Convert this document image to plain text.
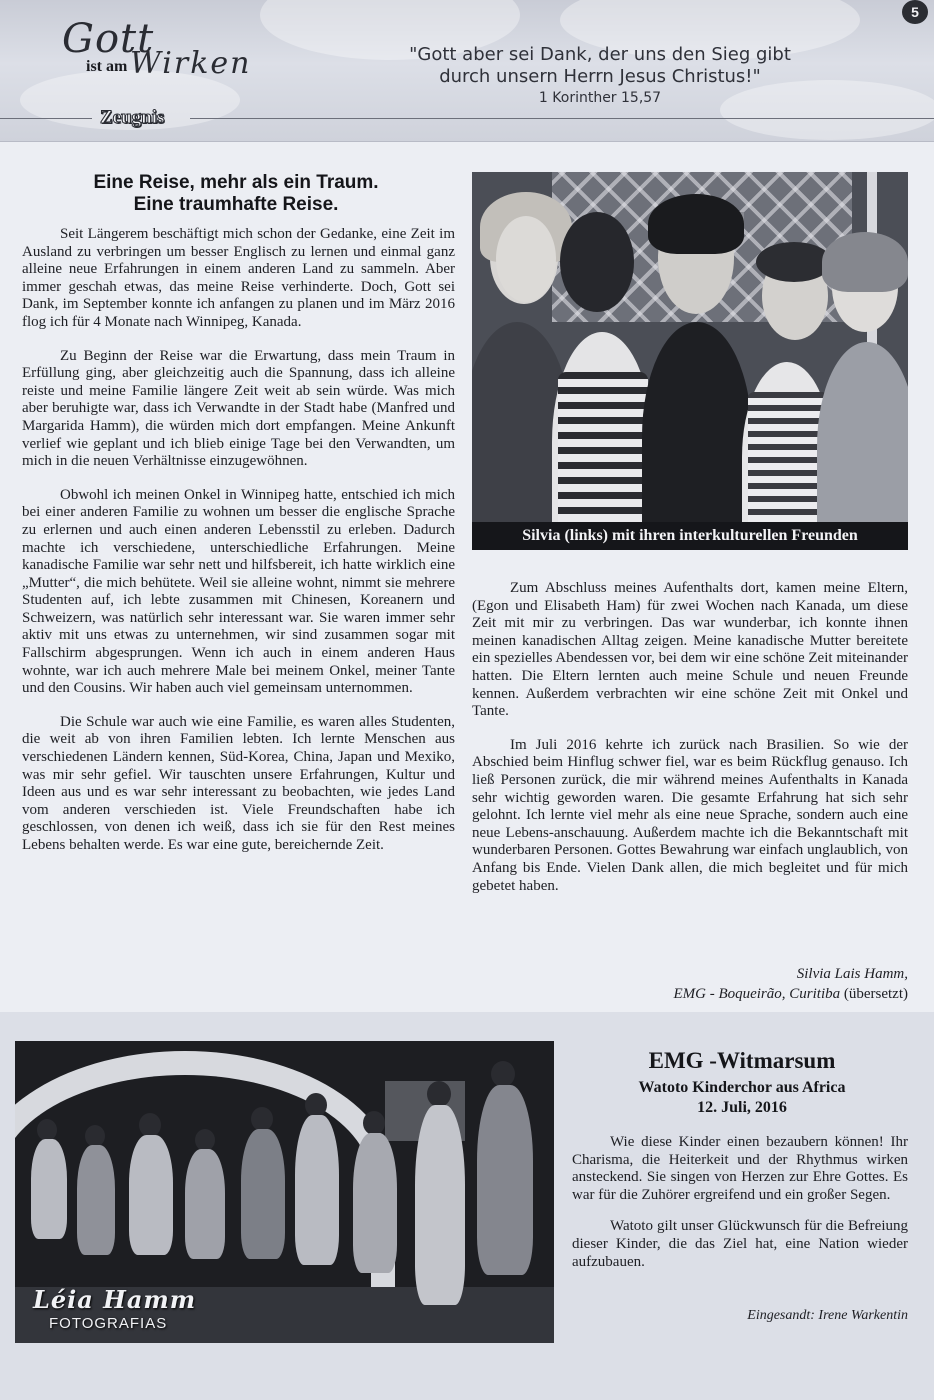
Gott
ist am Wirken
Zeugnis
"Gott aber sei Dank, der uns den Sieg gibt
durch unsern Herrn Jesus Christus!"
1 Korinther 15,57
5
Eine Reise, mehr als ein Traum.
Eine traumhafte Reise.

Seit Längerem beschäftigt mich schon der Gedanke, eine Zeit im Ausland zu verbringen um besser Englisch zu lernen und einmal ganz alleine neue Erfahrungen in einem anderen Land zu sammeln. Aber immer geschah etwas, das meine Reise verhinderte. Doch, Gott sei Dank, im September konnte ich anfangen zu planen und im März 2016 flog ich für 4 Monate nach Winnipeg, Kanada.

Zu Beginn der Reise war die Erwartung, dass mein Traum in Erfüllung ging, aber gleichzeitig auch die Spannung, dass ich alleine reiste und meine Familie längere Zeit weit ab sein würde. Was mich aber beruhigte war, dass ich Verwandte in der Stadt habe (Manfred und Margarida Hamm), die würden mich dort empfangen. Meine Ankunft verlief wie geplant und ich blieb einige Tage bei den Verwandten, um mich in die neuen Verhältnisse einzugewöhnen.

Obwohl ich meinen Onkel in Winnipeg hatte, entschied ich mich bei einer anderen Familie zu wohnen um besser die englische Sprache zu erlernen und auch einen anderen Lebensstil zu erleben. Dadurch machte ich verschiedene, unterschiedliche Erfahrungen. Meine kanadische Familie war sehr nett und hilfsbereit, ich hatte wirklich eine „Mutter“, die mich behütete. Weil sie alleine wohnt, nimmt sie mehrere Studenten auf, ich lebte zusammen mit Chinesen, Koreanern und Schweizern, was natürlich sehr interessant war. Sie waren immer sehr aktiv mit uns etwas zu unternehmen, wir sind zusammen sogar mit Fallschirm abgesprungen. Wenn ich auch in einem anderen Haus wohnte, war ich auch mehrere Male bei meinem Onkel, meiner Tante und den Cousins. Wir haben auch viel gemeinsam unternommen.

Die Schule war auch wie eine Familie, es waren alles Studenten, die weit ab von ihren Familien lebten. Ich lernte Menschen aus verschiedenen Ländern kennen, Süd-Korea, China, Japan und Mexiko, was mir sehr gefiel. Wir tauschten unsere Erfahrungen, Kultur und Ideen aus und es war sehr interessant zu beobachten, wie jedes Land vom anderen verschieden ist. Viele Freundschaften habe ich geschlossen, von denen ich weiß, dass ich sie für den Rest meines Lebens behalten werde. Es war eine gute, bereichernde Zeit.

Silvia (links) mit ihren interkulturellen Freunden

Zum Abschluss meines Aufenthalts dort, kamen meine Eltern, (Egon und Elisabeth Ham) für zwei Wochen nach Kanada, um diese Zeit mit mir zu verbringen. Das war wunderbar, ich konnte ihnen meinen kanadischen Alltag zeigen. Meine kanadische Mutter bereitete ein spezielles Abendessen vor, bei dem wir eine schöne Zeit miteinander hatten. Die Eltern lernten auch meine Schule und neuen Freunde kennen. Außerdem verbrachten wir eine schöne Zeit mit Onkel und Tante.

Im Juli 2016 kehrte ich zurück nach Brasilien. So wie der Abschied beim Hinflug schwer fiel, war es beim Rückflug genauso. Ich ließ Personen zurück, die mir während meines Aufenthalts in Kanada sehr wichtig geworden waren. Die gesamte Erfahrung hat sich sehr gelohnt. Ich lernte viel mehr als eine neue Sprache, sondern auch eine neue Lebens-anschauung. Außerdem machte ich die Bekanntschaft mit wunderbaren Personen. Gottes Bewahrung war einfach unglaublich, von Anfang bis Ende. Vielen Dank allen, die mich begleitet und für mich gebetet haben.

Silvia Lais Hamm,
EMG - Boqueirão, Curitiba (übersetzt)
Léia Hamm
FOTOGRAFIAS
EMG -Witmarsum
Watoto Kinderchor aus Africa
12. Juli, 2016

Wie diese Kinder einen bezaubern können! Ihr Charisma, die Heiterkeit und der Rhythmus wirken ansteckend. Sie singen von Herzen zur Ehre Gottes. Es war für die Zuhörer ergreifend und ein großer Segen.

Watoto gilt unser Glückwunsch für die Befreiung dieser Kinder, die das Ziel hat, eine Nation wieder aufzubauen.

Eingesandt: Irene Warkentin
